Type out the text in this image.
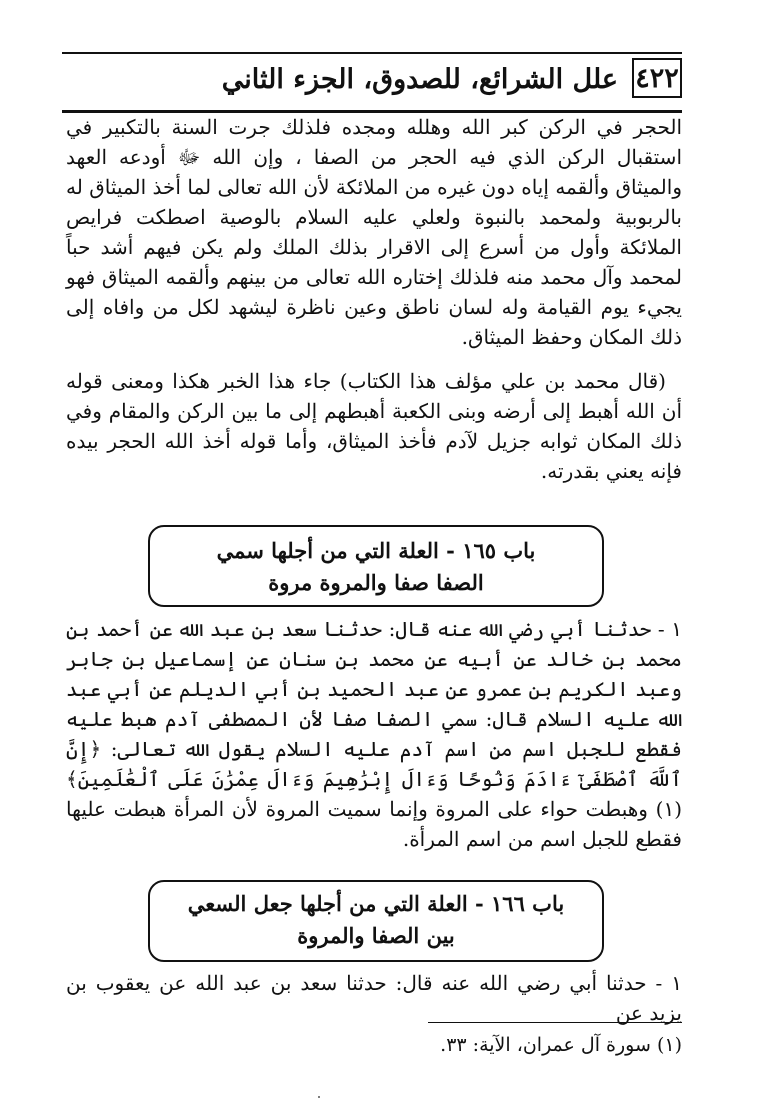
٤٢٢
علل الشرائع، للصدوق، الجزء الثاني

الحجر في الركن كبر الله وهلله ومجده فلذلك جرت السنة بالتكبير في استقبال الركن الذي فيه الحجر من الصفا ، وإن الله ﷻ أودعه العهد والميثاق وألقمه إياه دون غيره من الملائكة لأن الله تعالى لما أخذ الميثاق له بالربوبية ولمحمد بالنبوة ولعلي عليه السلام بالوصية اصطكت فرايص الملائكة وأول من أسرع إلى الاقرار بذلك الملك ولم يكن فيهم أشد حباً لمحمد وآل محمد منه فلذلك إختاره الله تعالى من بينهم وألقمه الميثاق فهو يجيء يوم القيامة وله لسان ناطق وعين ناظرة ليشهد لكل من وافاه إلى ذلك المكان وحفظ الميثاق.

(قال محمد بن علي مؤلف هذا الكتاب) جاء هذا الخبر هكذا ومعنى قوله أن الله أهبط إلى أرضه وبنى الكعبة أهبطهم إلى ما بين الركن والمقام وفي ذلك المكان ثوابه جزيل لآدم فأخذ الميثاق، وأما قوله أخذ الله الحجر بيده فإنه يعني بقدرته.

باب ١٦٥ - العلة التي من أجلها سمي
الصفا صفا والمروة مروة

١ - حدثنا أبي رضي الله عنه قال: حدثنا سعد بن عبد الله عن أحمد بن محمد بن خالد عن أبيه عن محمد بن سنان عن إسماعيل بن جابر وعبد الكريم بن عمرو عن عبد الحميد بن أبي الديلم عن أبي عبد الله عليه السلام قال: سمي الصفا صفا لأن المصطفى آدم هبط عليه فقطع للجبل اسم من اسم آدم عليه السلام يقول الله تعالى: ﴿إِنَّ ٱللَّهَ ٱصْطَفَىٰٓ ءَادَمَ وَنُوحًا وَءَالَ إِبْرَٰهِيمَ وَءَالَ عِمْرَٰنَ عَلَى ٱلْعَٰلَمِينَ﴾ (١) وهبطت حواء على المروة وإنما سميت المروة لأن المرأة هبطت عليها فقطع للجبل اسم من اسم المرأة.

باب ١٦٦ - العلة التي من أجلها جعل السعي
بين الصفا والمروة

١ - حدثنا أبي رضي الله عنه قال: حدثنا سعد بن عبد الله عن يعقوب بن يزيد عن

(١) سورة آل عمران، الآية: ٣٣.
